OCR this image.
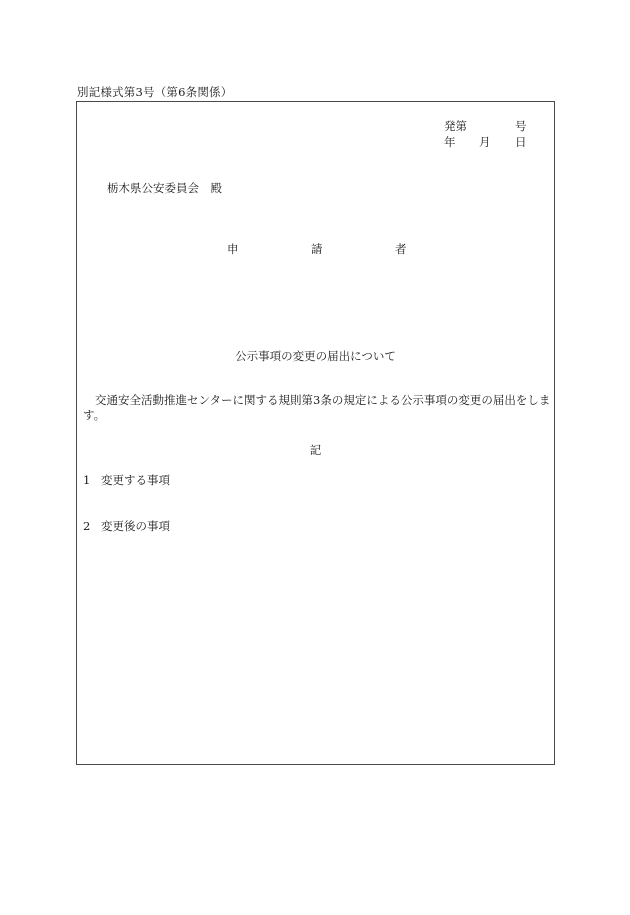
別記様式第3号（第6条関係）
発第	号
年 月 日
栃木県公安委員会　殿
申	請	者
公示事項の変更の届出について
交通安全活動推進センターに関する規則第3条の規定による公示事項の変更の届出をします。
記
1 変更する事項
2 変更後の事項
